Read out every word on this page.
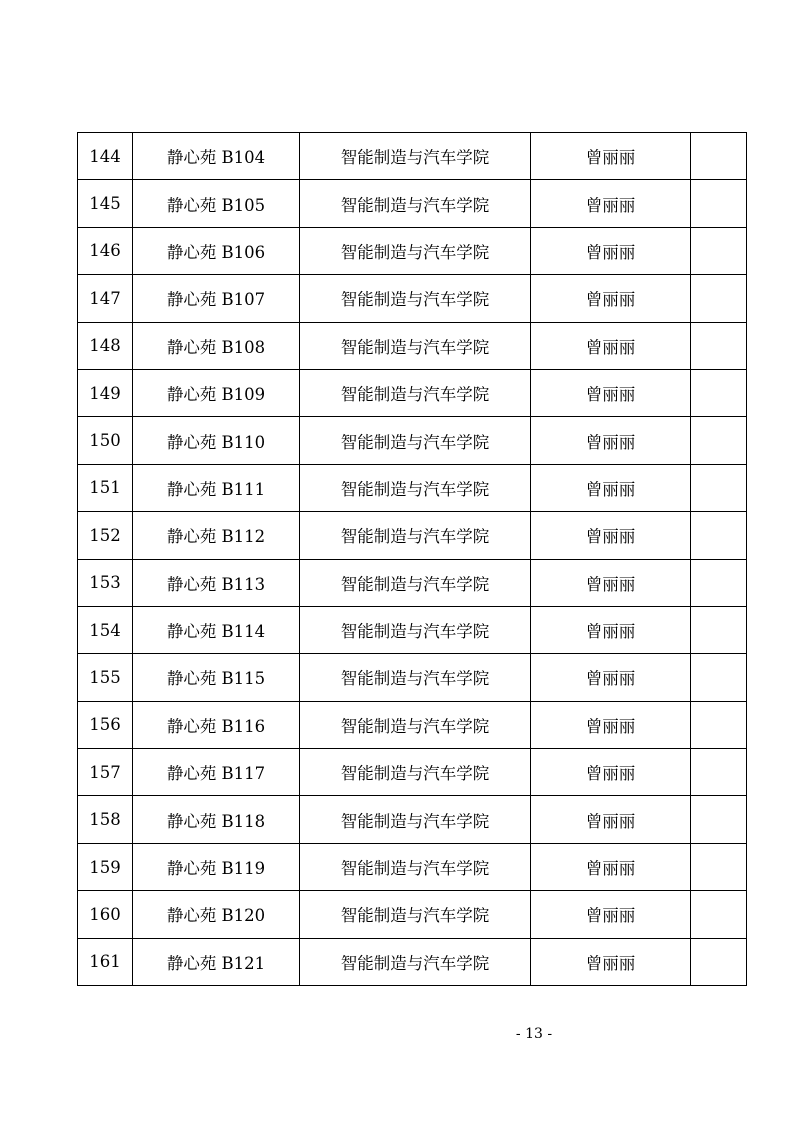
144	静心苑 B104	智能制造与汽车学院	曾丽丽	
145	静心苑 B105	智能制造与汽车学院	曾丽丽	
146	静心苑 B106	智能制造与汽车学院	曾丽丽	
147	静心苑 B107	智能制造与汽车学院	曾丽丽	
148	静心苑 B108	智能制造与汽车学院	曾丽丽	
149	静心苑 B109	智能制造与汽车学院	曾丽丽	
150	静心苑 B110	智能制造与汽车学院	曾丽丽	
151	静心苑 B111	智能制造与汽车学院	曾丽丽	
152	静心苑 B112	智能制造与汽车学院	曾丽丽	
153	静心苑 B113	智能制造与汽车学院	曾丽丽	
154	静心苑 B114	智能制造与汽车学院	曾丽丽	
155	静心苑 B115	智能制造与汽车学院	曾丽丽	
156	静心苑 B116	智能制造与汽车学院	曾丽丽	
157	静心苑 B117	智能制造与汽车学院	曾丽丽	
158	静心苑 B118	智能制造与汽车学院	曾丽丽	
159	静心苑 B119	智能制造与汽车学院	曾丽丽	
160	静心苑 B120	智能制造与汽车学院	曾丽丽	
161	静心苑 B121	智能制造与汽车学院	曾丽丽	
- 13 -
